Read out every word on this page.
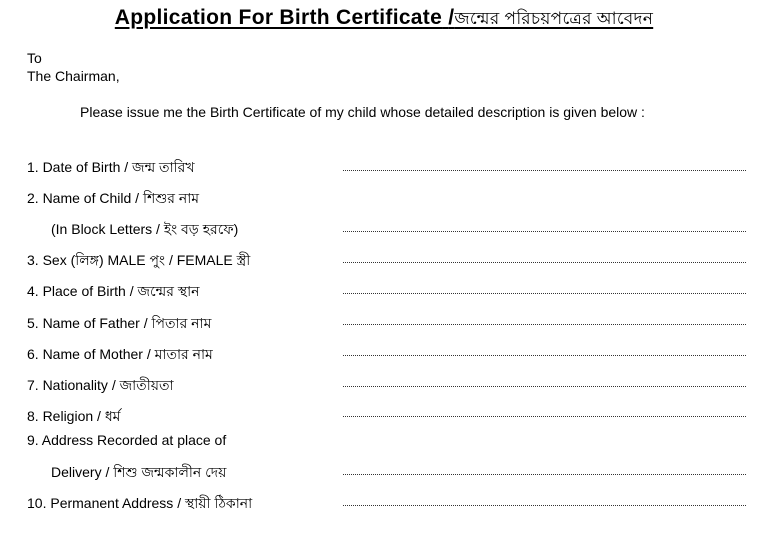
Application For Birth Certificate /জন্মের পরিচয়পত্রের আবেদন
To
The Chairman,
Please issue me the Birth Certificate of my child whose detailed description is given below :
1. Date of Birth / জন্ম তারিখ
2. Name of Child / শিশুর নাম
(In Block Letters / ইং বড় হরফে)
3. Sex (লিঙ্গ) MALE পুং / FEMALE স্ত্রী
4. Place of Birth / জন্মের স্থান
5. Name of Father / পিতার নাম
6. Name of Mother / মাতার নাম
7. Nationality / জাতীয়তা
8. Religion / ধর্ম
9. Address Recorded at place of
Delivery / শিশু জন্মকালীন দেয়
10. Permanent Address / স্থায়ী ঠিকানা
